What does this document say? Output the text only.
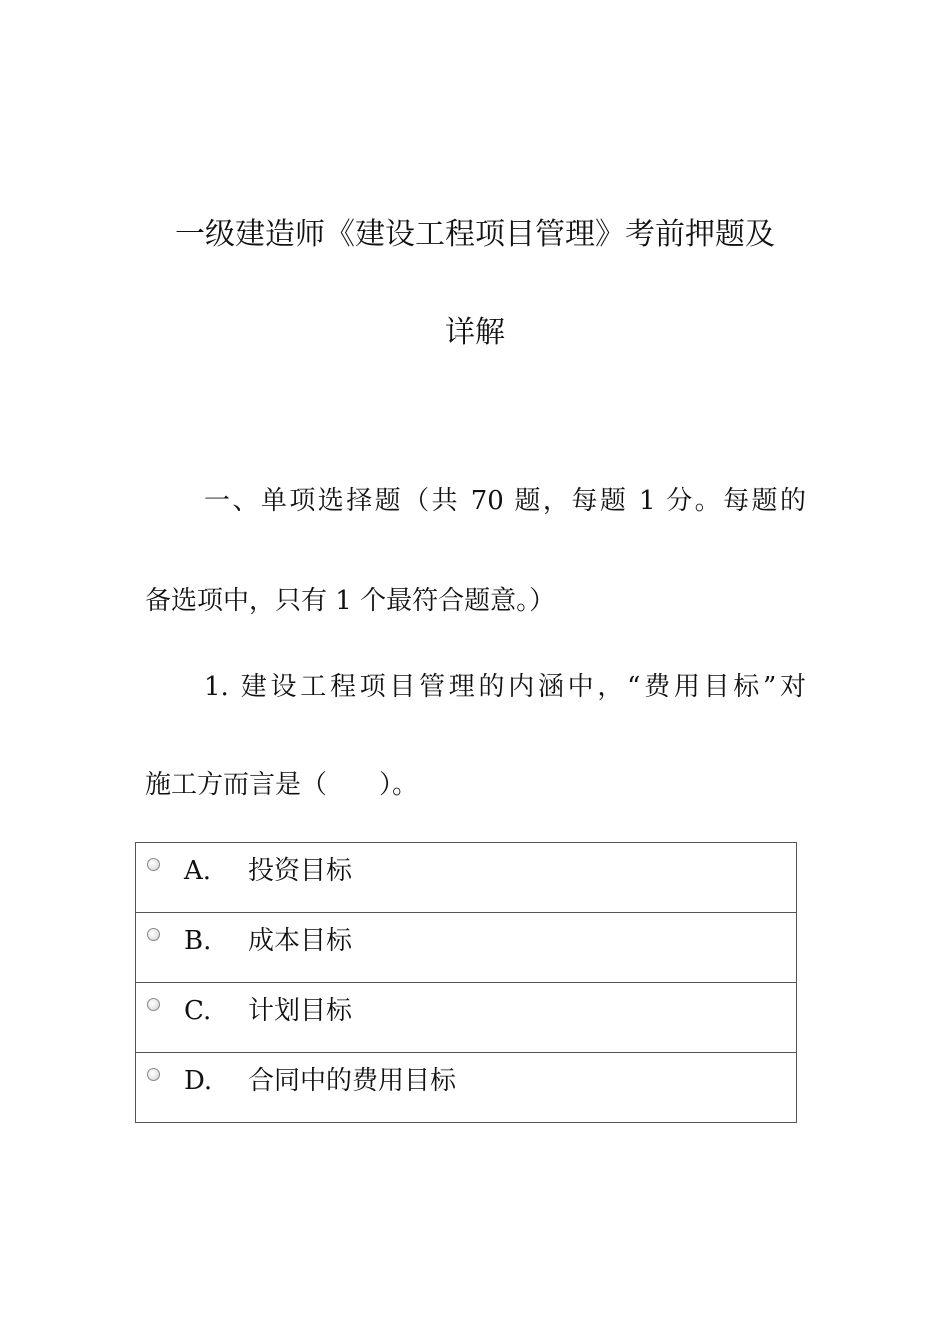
一级建造师《建设工程项目管理》考前押题及
详解
一、单项选择题（共 70 题，每题 1 分。每题的
备选项中，只有 1 个最符合题意。）
1. 建设工程项目管理的内涵中，“费用目标”对
施工方而言是（　　）。
A. 投资目标

B. 成本目标

C. 计划目标

D. 合同中的费用目标
